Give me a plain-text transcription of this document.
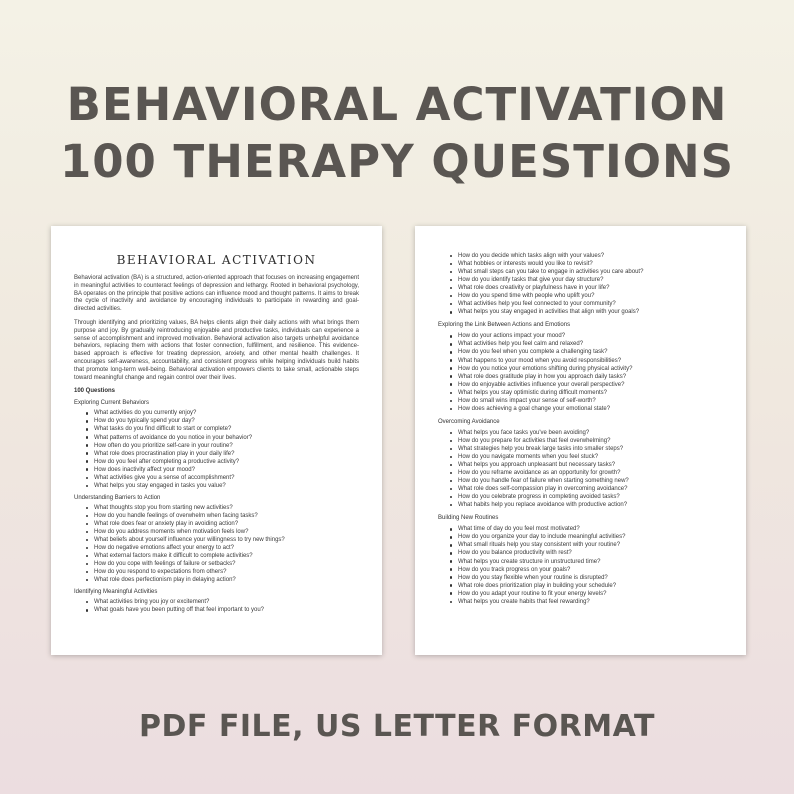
BEHAVIORAL ACTIVATION
100 THERAPY QUESTIONS
BEHAVIORAL ACTIVATION

Behavioral activation (BA) is a structured, action-oriented approach that focuses on increasing engagement in meaningful activities to counteract feelings of depression and lethargy. Rooted in behavioral psychology, BA operates on the principle that positive actions can influence mood and thought patterns. It aims to break the cycle of inactivity and avoidance by encouraging individuals to participate in rewarding and goal-directed activities.

Through identifying and prioritizing values, BA helps clients align their daily actions with what brings them purpose and joy. By gradually reintroducing enjoyable and productive tasks, individuals can experience a sense of accomplishment and improved motivation. Behavioral activation also targets unhelpful avoidance behaviors, replacing them with actions that foster connection, fulfillment, and resilience. This evidence-based approach is effective for treating depression, anxiety, and other mental health challenges. It encourages self-awareness, accountability, and consistent progress while helping individuals build habits that promote long-term well-being. Behavioral activation empowers clients to take small, actionable steps toward meaningful change and regain control over their lives.

100 Questions
Exploring Current Behaviors
What activities do you currently enjoy?
How do you typically spend your day?
What tasks do you find difficult to start or complete?
What patterns of avoidance do you notice in your behavior?
How often do you prioritize self-care in your routine?
What role does procrastination play in your daily life?
How do you feel after completing a productive activity?
How does inactivity affect your mood?
What activities give you a sense of accomplishment?
What helps you stay engaged in tasks you value?
Understanding Barriers to Action
What thoughts stop you from starting new activities?
How do you handle feelings of overwhelm when facing tasks?
What role does fear or anxiety play in avoiding action?
How do you address moments when motivation feels low?
What beliefs about yourself influence your willingness to try new things?
How do negative emotions affect your energy to act?
What external factors make it difficult to complete activities?
How do you cope with feelings of failure or setbacks?
How do you respond to expectations from others?
What role does perfectionism play in delaying action?
Identifying Meaningful Activities
What activities bring you joy or excitement?
What goals have you been putting off that feel important to you?
How do you decide which tasks align with your values?
What hobbies or interests would you like to revisit?
What small steps can you take to engage in activities you care about?
How do you identify tasks that give your day structure?
What role does creativity or playfulness have in your life?
How do you spend time with people who uplift you?
What activities help you feel connected to your community?
What helps you stay engaged in activities that align with your goals?
Exploring the Link Between Actions and Emotions
How do your actions impact your mood?
What activities help you feel calm and relaxed?
How do you feel when you complete a challenging task?
What happens to your mood when you avoid responsibilities?
How do you notice your emotions shifting during physical activity?
What role does gratitude play in how you approach daily tasks?
How do enjoyable activities influence your overall perspective?
What helps you stay optimistic during difficult moments?
How do small wins impact your sense of self-worth?
How does achieving a goal change your emotional state?
Overcoming Avoidance
What helps you face tasks you've been avoiding?
How do you prepare for activities that feel overwhelming?
What strategies help you break large tasks into smaller steps?
How do you navigate moments when you feel stuck?
What helps you approach unpleasant but necessary tasks?
How do you reframe avoidance as an opportunity for growth?
How do you handle fear of failure when starting something new?
What role does self-compassion play in overcoming avoidance?
How do you celebrate progress in completing avoided tasks?
What habits help you replace avoidance with productive action?
Building New Routines
What time of day do you feel most motivated?
How do you organize your day to include meaningful activities?
What small rituals help you stay consistent with your routine?
How do you balance productivity with rest?
What helps you create structure in unstructured time?
How do you track progress on your goals?
How do you stay flexible when your routine is disrupted?
What role does prioritization play in building your schedule?
How do you adapt your routine to fit your energy levels?
What helps you create habits that feel rewarding?
PDF FILE, US LETTER FORMAT
